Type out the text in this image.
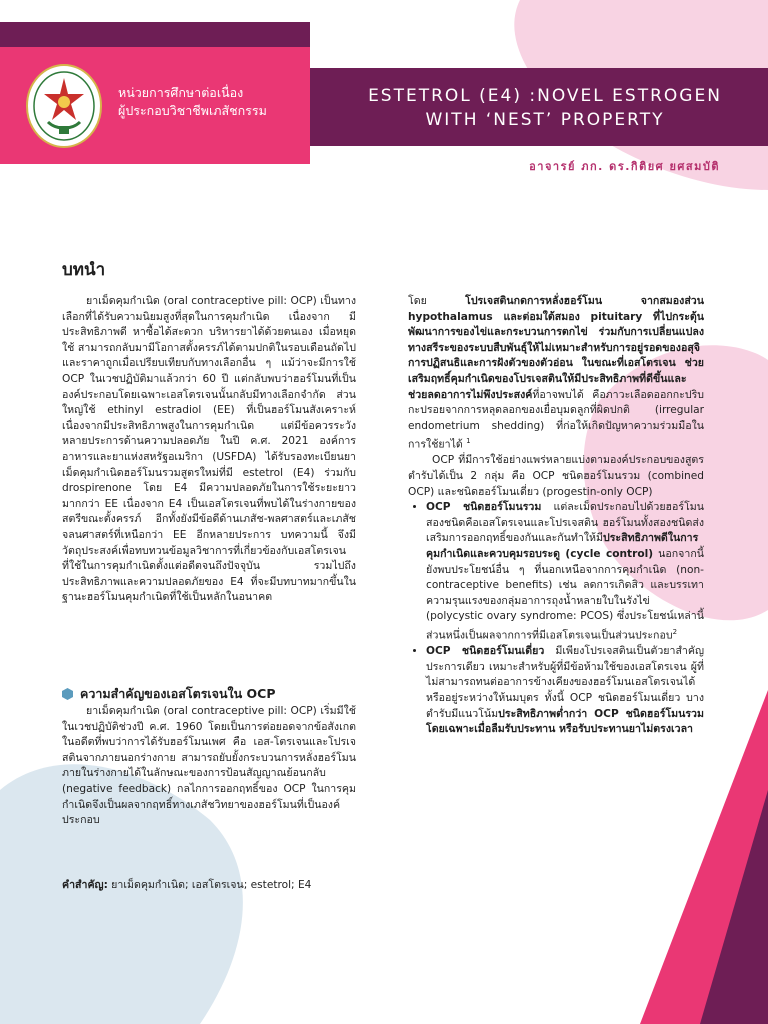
หน่วยการศึกษาต่อเนื่อง
ผู้ประกอบวิชาชีพเภสัชกรรม
ESTETROL (E4) :NOVEL ESTROGEN
WITH ‘NEST’ PROPERTY
อาจารย์ ภก. ดร.กิติยศ ยศสมบัติ
บทนำ

ยาเม็ดคุมกำเนิด (oral contraceptive pill: OCP) เป็นทางเลือกที่ได้รับความนิยมสูงที่สุดในการคุมกำเนิด เนื่องจาก มีประสิทธิภาพดี หาซื้อได้สะดวก บริหารยาได้ด้วยตนเอง เมื่อหยุดใช้ สามารถกลับมามีโอกาสตั้งครรภ์ได้ตามปกติในรอบเดือนถัดไป และราคาถูกเมื่อเปรียบเทียบกับทางเลือกอื่น ๆ แม้ว่าจะมีการใช้ OCP ในเวชปฏิบัติมาแล้วกว่า 60 ปี แต่กลับพบว่าฮอร์โมนที่เป็นองค์ประกอบโดยเฉพาะเอสโตรเจนนั้นกลับมีทางเลือกจำกัด ส่วนใหญ่ใช้ ethinyl estradiol (EE) ที่เป็นฮอร์โมนสังเคราะห์ เนื่องจากมีประสิทธิภาพสูงในการคุมกำเนิด แต่มีข้อควรระวังหลายประการด้านความปลอดภัย ในปี ค.ศ. 2021 องค์การอาหารและยาแห่งสหรัฐอเมริกา (USFDA) ได้รับรองทะเบียนยาเม็ดคุมกำเนิดฮอร์โมนรวมสูตรใหม่ที่มี estetrol (E4) ร่วมกับ drospirenone โดย E4 มีความปลอดภัยในการใช้ระยะยาวมากกว่า EE เนื่องจาก E4 เป็นเอสโตรเจนที่พบได้ในร่างกายของสตรีขณะตั้งครรภ์ อีกทั้งยังมีข้อดีด้านเภสัช-พลศาสตร์และเภสัชจลนศาสตร์ที่เหนือกว่า EE อีกหลายประการ บทความนี้ จึงมีวัตถุประสงค์เพื่อทบทวนข้อมูลวิชาการที่เกี่ยวข้องกับเอสโตรเจน ที่ใช้ในการคุมกำเนิดตั้งแต่อดีตจนถึงปัจจุบัน รวมไปถึงประสิทธิภาพและความปลอดภัยของ E4 ที่จะมีบทบาทมากขึ้นในฐานะฮอร์โมนคุมกำเนิดที่ใช้เป็นหลักในอนาคต

ความสำคัญของเอสโตรเจนใน OCP

ยาเม็ดคุมกำเนิด (oral contraceptive pill: OCP) เริ่มมีใช้ในเวชปฏิบัติช่วงปี ค.ศ. 1960 โดยเป็นการต่อยอดจากข้อสังเกตในอดีตที่พบว่าการได้รับฮอร์โมนเพศ คือ เอส-โตรเจนและโปรเจสตินจากภายนอกร่างกาย สามารถยับยั้งกระบวนการหลั่งฮอร์โมนภายในร่างกายได้ในลักษณะของการป้อนสัญญาณย้อนกลับ (negative feedback) กลไกการออกฤทธิ์ของ OCP ในการคุมกำเนิดจึงเป็นผลจากฤทธิ์ทางเภสัชวิทยาของฮอร์โมนที่เป็นองค์ประกอบ

คำสำคัญ: ยาเม็ดคุมกำเนิด; เอสโตรเจน; estetrol; E4

โดย โปรเจสตินกดการหลั่งฮอร์โมน จากสมองส่วน hypothalamus และต่อมใต้สมอง pituitary ที่ไปกระตุ้นพัฒนาการของไข่และกระบวนการตกไข่ ร่วมกับการเปลี่ยนแปลงทางสรีระของระบบสืบพันธุ์ให้ไม่เหมาะสำหรับการอยู่รอดของอสุจิ การปฏิสนธิและการฝังตัวของตัวอ่อน ในขณะที่เอสโตรเจน ช่วยเสริมฤทธิ์คุมกำเนิดของโปรเจสตินให้มีประสิทธิภาพที่ดีขึ้นและช่วยลดอาการไม่พึงประสงค์ที่อาจพบได้ คือภาวะเลือดออกกะปริบกะปรอยจากการหลุดลอกของเยื่อบุมดลูกที่ผิดปกติ (irregular endometrium shedding) ที่ก่อให้เกิดปัญหาความร่วมมือในการใช้ยาได้ $^1$

OCP ที่มีการใช้อย่างแพร่หลายแบ่งตามองค์ประกอบของสูตรตำรับได้เป็น 2 กลุ่ม คือ OCP ชนิดฮอร์โมนรวม (combined OCP) และชนิดฮอร์โมนเดี่ยว (progestin-only OCP)

• OCP ชนิดฮอร์โมนรวม แต่ละเม็ดประกอบไปด้วยฮอร์โมนสองชนิดคือเอสโตรเจนและโปรเจสติน ฮอร์โมนทั้งสองชนิดส่งเสริมการออกฤทธิ์ของกันและกันทำให้มีประสิทธิภาพดีในการคุมกำเนิดและควบคุมรอบระดู (cycle control) นอกจากนี้ยังพบประโยชน์อื่น ๆ ที่นอกเหนือจากการคุมกำเนิด (non-contraceptive benefits) เช่น ลดการเกิดสิว และบรรเทาความรุนแรงของกลุ่มอาการถุงน้ำหลายใบในรังไข่ (polycystic ovary syndrome: PCOS) ซึ่งประโยชน์เหล่านี้ส่วนหนึ่งเป็นผลจากการที่มีเอสโตรเจนเป็นส่วนประกอบ$^2$
• OCP ชนิดฮอร์โมนเดี่ยว มีเพียงโปรเจสตินเป็นตัวยาสำคัญประการเดียว เหมาะสำหรับผู้ที่มีข้อห้ามใช้ของเอสโตรเจน ผู้ที่ไม่สามารถทนต่ออาการข้างเคียงของฮอร์โมนเอสโตรเจนได้ หรืออยู่ระหว่างให้นมบุตร ทั้งนี้ OCP ชนิดฮอร์โมนเดี่ยว บางตำรับมีแนวโน้มประสิทธิภาพต่ำกว่า OCP ชนิดฮอร์โมนรวม โดยเฉพาะเมื่อลืมรับประทาน หรือรับประทานยาไม่ตรงเวลา
